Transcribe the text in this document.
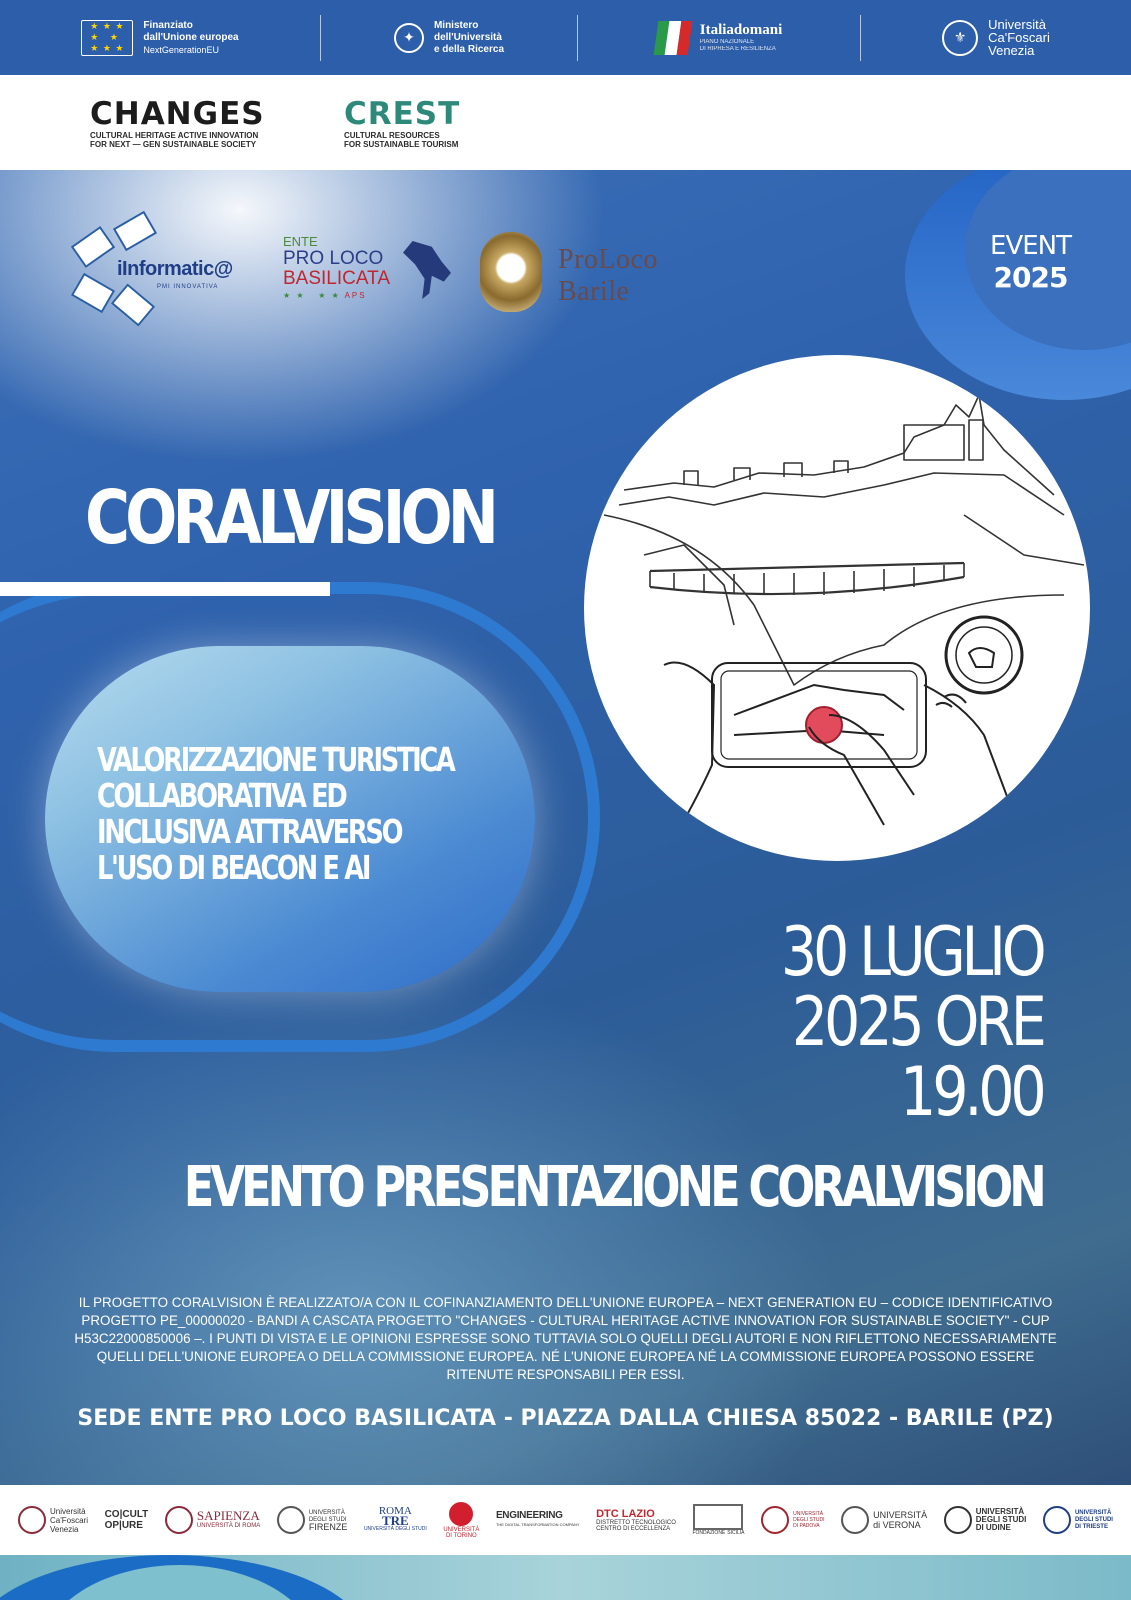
★ ★ ★
★   ★
★ ★ ★
Finanziato
dall'Unione europea
NextGenerationEU
✦
Ministero
dell'Università
e della Ricerca
Italiadomani
PIANO NAZIONALE
DI RIPRESA E RESILIENZA
⚜
Università
Ca'Foscari
Venezia
CHANGES
CULTURAL HERITAGE ACTIVE INNOVATION
FOR NEXT — GEN SUSTAINABLE SOCIETY
CREST
CULTURAL RESOURCES
FOR SUSTAINABLE TOURISM
EVENT
2025
iInformatic@
PMI INNOVATIVA
ENTE
PRO LOCO
BASILICATA
★ ★   ★ ★ APS
ProLoco
Barile
CORALVISION
VALORIZZAZIONE TURISTICA
COLLABORATIVA ED
INCLUSIVA ATTRAVERSO
L'USO DI BEACON E AI
30 LUGLIO
2025 ORE
19.00
EVENTO PRESENTAZIONE CORALVISION
IL PROGETTO CORALVISION È REALIZZATO/A CON IL COFINANZIAMENTO DELL'UNIONE EUROPEA – NEXT GENERATION EU – CODICE IDENTIFICATIVO PROGETTO PE_00000020 - BANDI A CASCATA PROGETTO "CHANGES - CULTURAL HERITAGE ACTIVE INNOVATION FOR SUSTAINABLE SOCIETY" - CUP H53C22000850006 –. I PUNTI DI VISTA E LE OPINIONI ESPRESSE SONO TUTTAVIA SOLO QUELLI DEGLI AUTORI E NON RIFLETTONO NECESSARIAMENTE QUELLI DELL'UNIONE EUROPEA O DELLA COMMISSIONE EUROPEA. NÉ L'UNIONE EUROPEA NÉ LA COMMISSIONE EUROPEA POSSONO ESSERE RITENUTE RESPONSABILI PER ESSI.
SEDE ENTE PRO LOCO BASILICATA - PIAZZA DALLA CHIESA 85022 - BARILE (PZ)
Università
Ca'Foscari
Venezia
CO|CULT
OP|URE
SAPIENZA
UNIVERSITÀ DI ROMA
UNIVERSITÀ
DEGLI STUDI
FIRENZE
ROMA
TRE
UNIVERSITÀ DEGLI STUDI	UNIVERSITÀ
DI TORINO
ENGINEERING
THE DIGITAL TRANSFORMATION COMPANY
DTC LAZIO
DISTRETTO TECNOLOGICO
CENTRO DI ECCELLENZA
FONDAZIONE SICILIA
UNIVERSITÀ
DEGLI STUDI
DI PADOVA
UNIVERSITÀ
di VERONA
UNIVERSITÀ
DEGLI STUDI
DI UDINE
UNIVERSITÀ
DEGLI STUDI
DI TRIESTE
